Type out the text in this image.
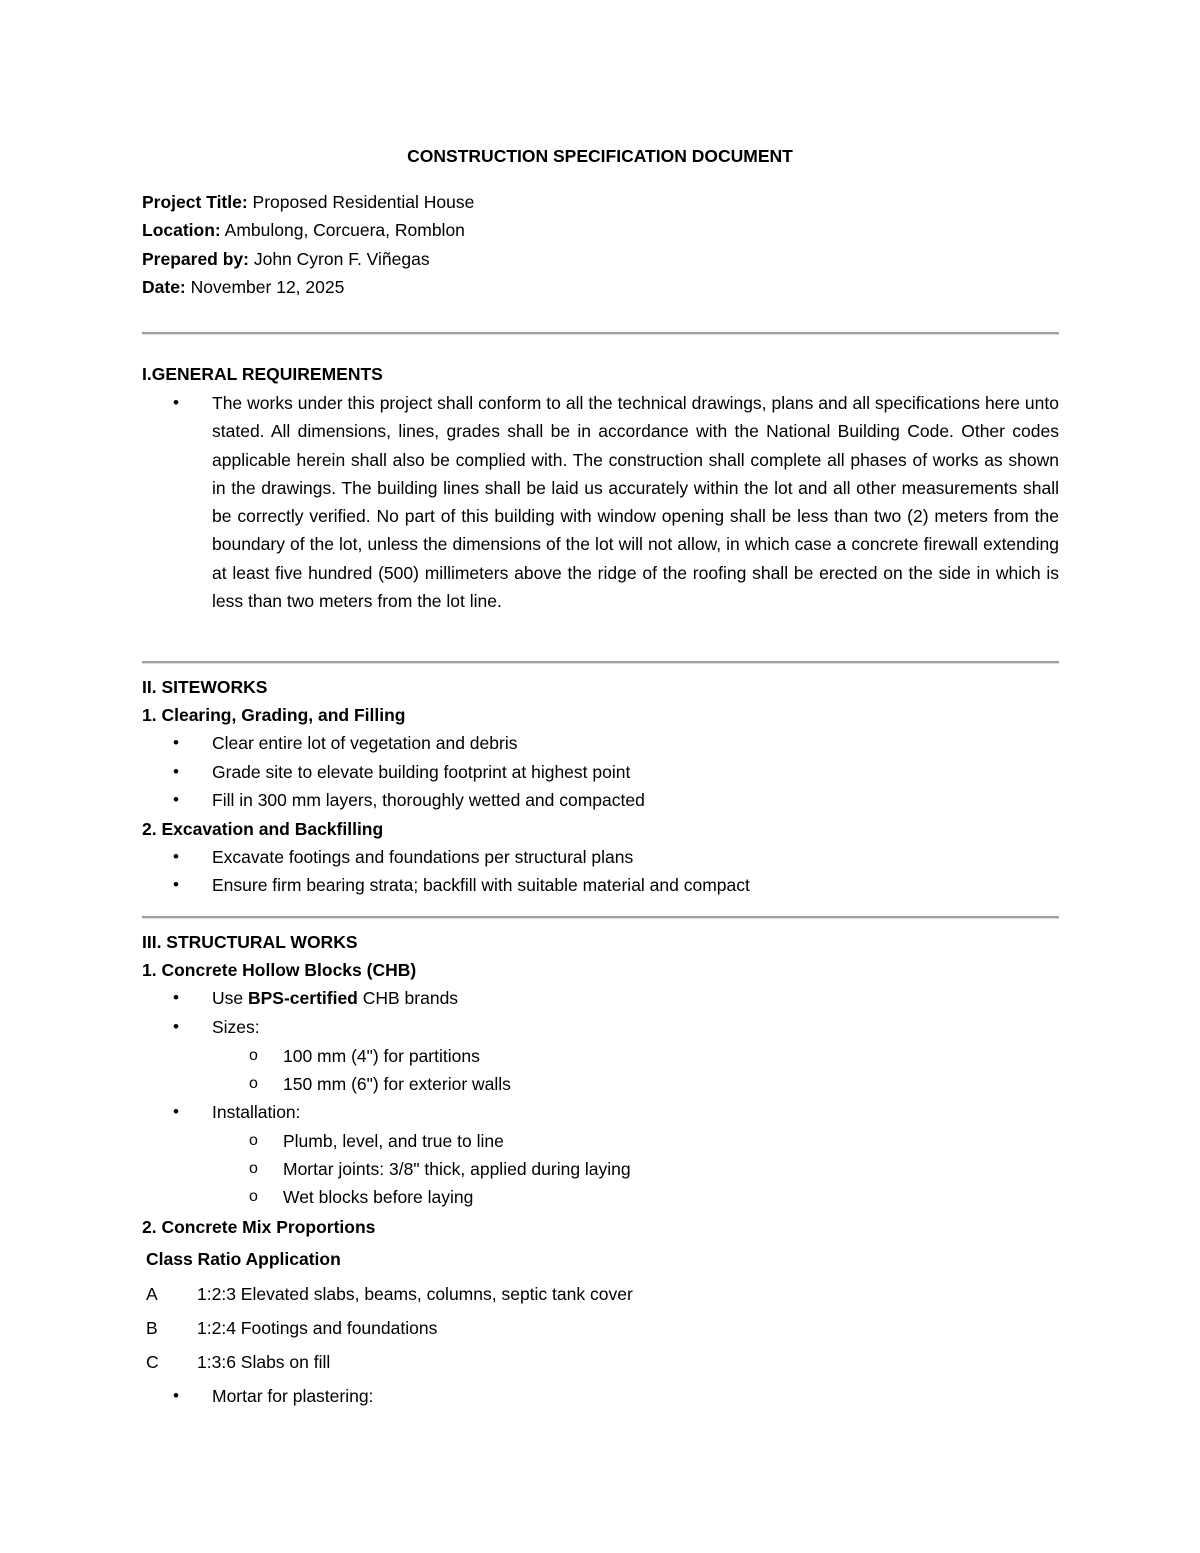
CONSTRUCTION SPECIFICATION DOCUMENT
Project Title: Proposed Residential House
Location: Ambulong, Corcuera, Romblon
Prepared by: John Cyron F. Viñegas
Date: November 12, 2025
I.GENERAL REQUIREMENTS
• The works under this project shall conform to all the technical drawings, plans and all specifications here unto stated. All dimensions, lines, grades shall be in accordance with the National Building Code. Other codes applicable herein shall also be complied with. The construction shall complete all phases of works as shown in the drawings. The building lines shall be laid us accurately within the lot and all other measurements shall be correctly verified. No part of this building with window opening shall be less than two (2) meters from the boundary of the lot, unless the dimensions of the lot will not allow, in which case a concrete firewall extending at least five hundred (500) millimeters above the ridge of the roofing shall be erected on the side in which is less than two meters from the lot line.
II. SITEWORKS
1. Clearing, Grading, and Filling
• Clear entire lot of vegetation and debris
• Grade site to elevate building footprint at highest point
• Fill in 300 mm layers, thoroughly wetted and compacted
2. Excavation and Backfilling
• Excavate footings and foundations per structural plans
• Ensure firm bearing strata; backfill with suitable material and compact
III. STRUCTURAL WORKS
1. Concrete Hollow Blocks (CHB)
• Use BPS-certified CHB brands
• Sizes:
o 100 mm (4") for partitions
o 150 mm (6") for exterior walls
• Installation:
o Plumb, level, and true to line
o Mortar joints: 3/8" thick, applied during laying
o Wet blocks before laying
2. Concrete Mix Proportions
Class Ratio Application
A 1:2:3 Elevated slabs, beams, columns, septic tank cover
B 1:2:4 Footings and foundations
C 1:3:6 Slabs on fill
• Mortar for plastering:
